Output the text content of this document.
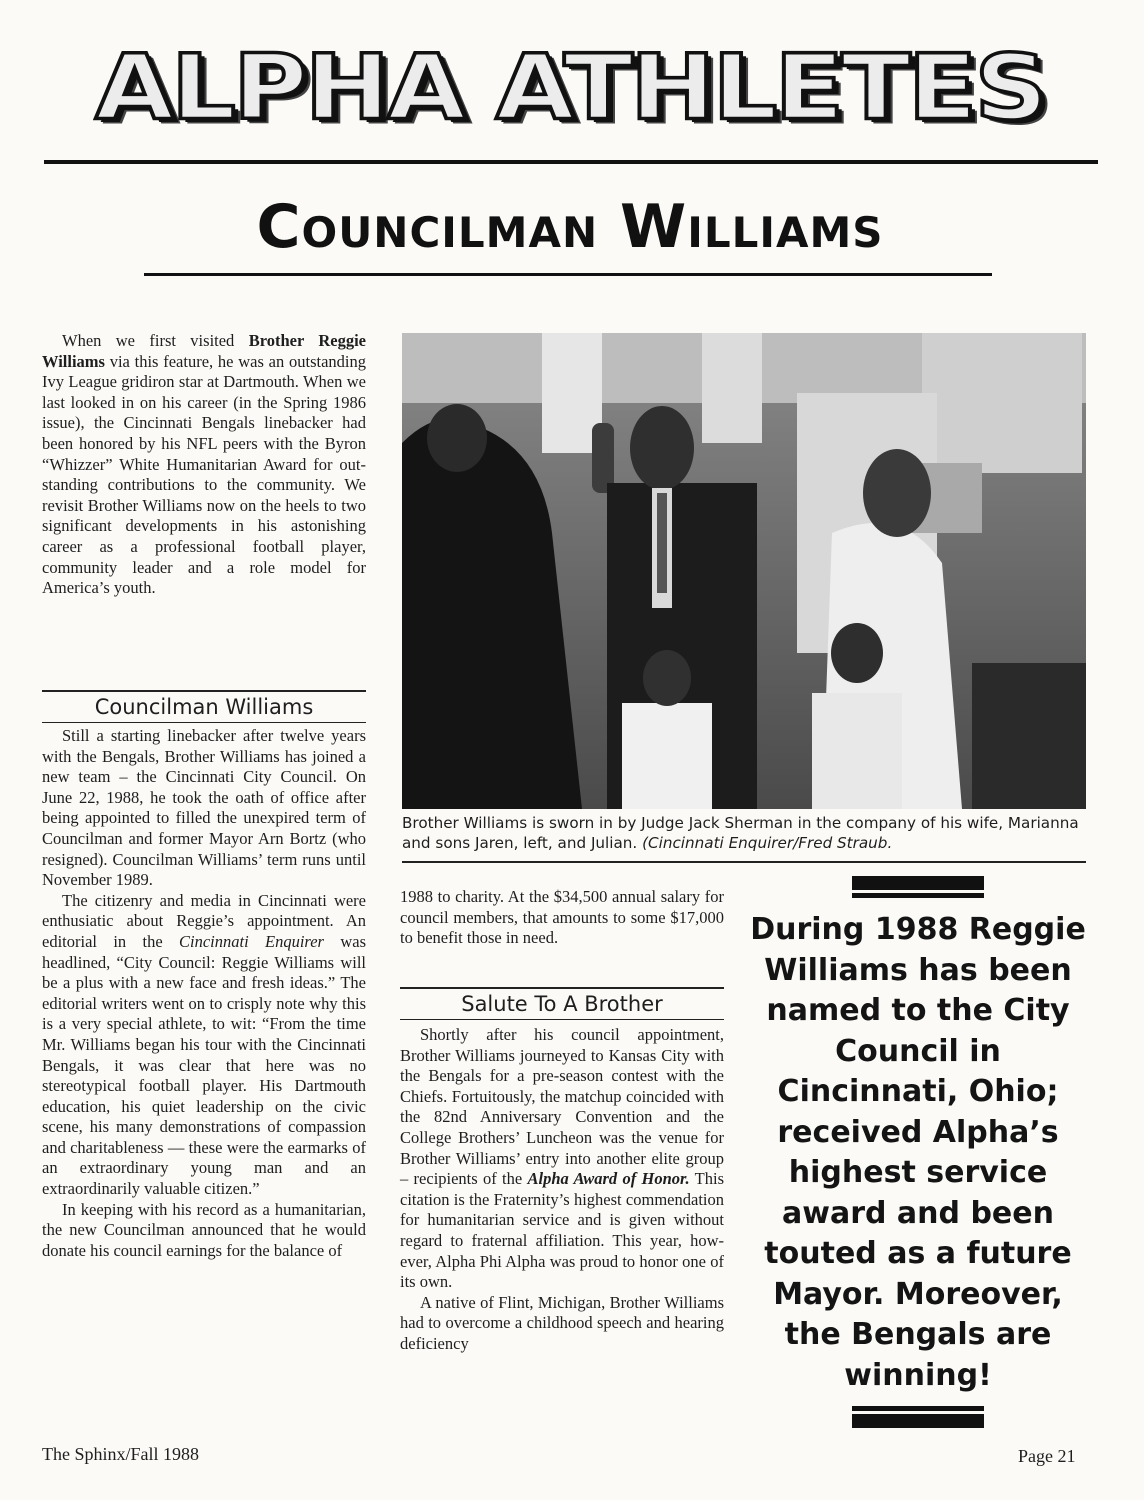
ALPHA ATHLETES
Councilman Williams

When we first visited Brother Reggie Williams via this feature, he was an outstanding Ivy League gridiron star at Dartmouth. When we last looked in on his career (in the Spring 1986 issue), the Cincinnati Bengals linebacker had been honored by his NFL peers with the Byron “Whizzer” White Humanitarian Award for outstanding contributions to the community. We revisit Brother Williams now on the heels to two significant developments in his astonishing career as a professional football player, community leader and a role model for America’s youth.

Councilman Williams

Still a starting linebacker after twelve years with the Bengals, Brother Williams has joined a new team – the Cincinnati City Council. On June 22, 1988, he took the oath of office after being appointed to filled the unexpired term of Councilman and former Mayor Arn Bortz (who resigned). Councilman Williams’ term runs until November 1989.

The citizenry and media in Cincinnati were enthusiatic about Reggie’s appointment. An editorial in the Cincinnati Enquirer was headlined, “City Council: Reggie Williams will be a plus with a new face and fresh ideas.” The editorial writers went on to crisply note why this is a very special athlete, to wit: “From the time Mr. Williams began his tour with the Cincinnati Bengals, it was clear that here was no stereotypical football player. His Dartmouth education, his quiet leadership on the civic scene, his many demonstrations of compassion and charitableness — these were the earmarks of an extraordinary young man and an extraordinarily valuable citizen.”

In keeping with his record as a humanitarian, the new Councilman announced that he would donate his council earnings for the balance of

Brother Williams is sworn in by Judge Jack Sherman in the company of his wife, Marianna and sons Jaren, left, and Julian. (Cincinnati Enquirer/Fred Straub.

1988 to charity. At the $34,500 annual salary for council members, that amounts to some $17,000 to benefit those in need.

Salute To A Brother

Shortly after his council appointment, Brother Williams journeyed to Kansas City with the Bengals for a pre-season contest with the Chiefs. Fortuitously, the matchup coincided with the 82nd Anniversary Convention and the College Brothers’ Luncheon was the venue for Brother Williams’ entry into another elite group – recipients of the Alpha Award of Honor. This citation is the Fraternity’s highest commendation for humanitarian service and is given without regard to fraternal affiliation. This year, however, Alpha Phi Alpha was proud to honor one of its own.

A native of Flint, Michigan, Brother Williams had to overcome a childhood speech and hearing deficiency

During 1988 Reggie Williams has been named to the City Council in Cincinnati, Ohio; received Alpha’s highest service award and been touted as a future Mayor. Moreover, the Bengals are winning!
The Sphinx/Fall 1988	Page 21
